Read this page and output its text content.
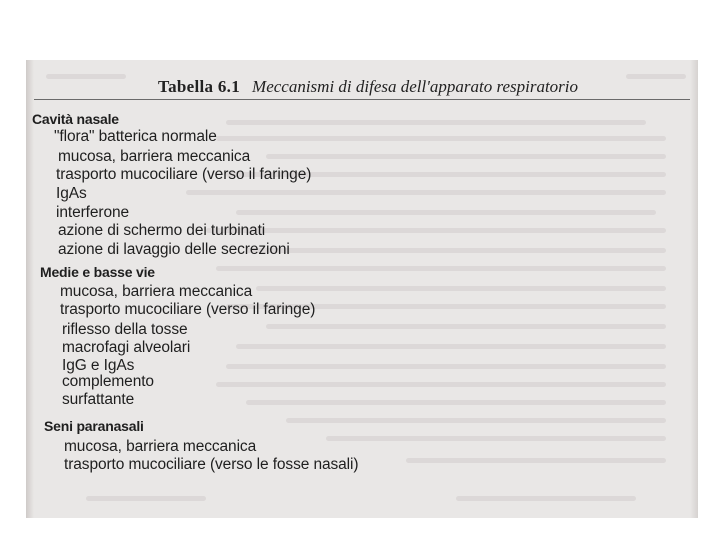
Tabella 6.1 Meccanismi di difesa dell'apparato respiratorio
Cavità nasale
"flora" batterica normale
mucosa, barriera meccanica
trasporto mucociliare (verso il faringe)
IgAs
interferone
azione di schermo dei turbinati
azione di lavaggio delle secrezioni
Medie e basse vie
mucosa, barriera meccanica
trasporto mucociliare (verso il faringe)
riflesso della tosse
macrofagi alveolari
IgG e IgAs
complemento
surfattante
Seni paranasali
mucosa, barriera meccanica
trasporto mucociliare (verso le fosse nasali)
